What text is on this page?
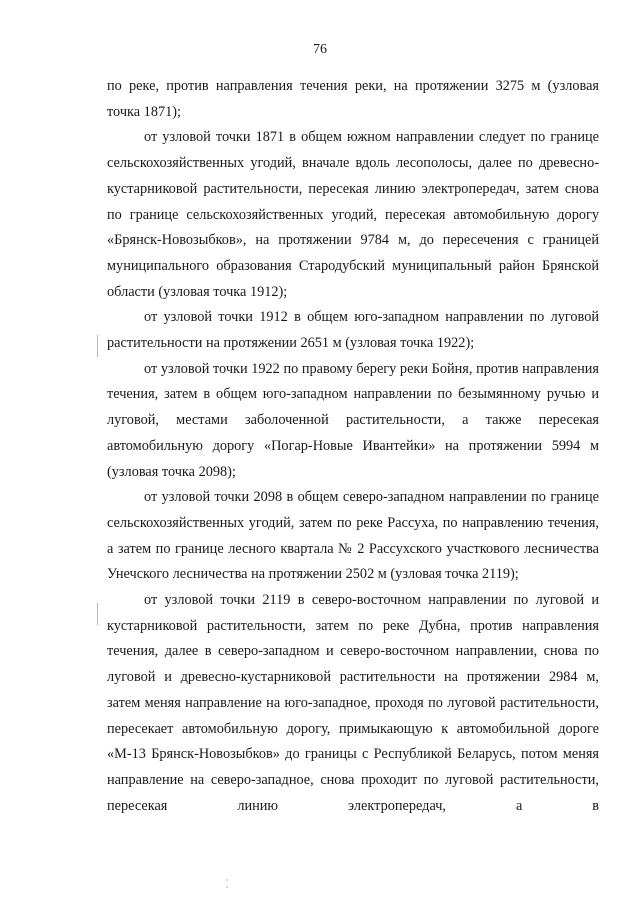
76

по реке, против направления течения реки, на протяжении 3275 м (узловая точка 1871);

от узловой точки 1871 в общем южном направлении следует по границе сельскохозяйственных угодий, вначале вдоль лесополосы, далее по древесно-кустарниковой растительности, пересекая линию электропередач, затем снова по границе сельскохозяйственных угодий, пересекая автомобильную дорогу «Брянск-Новозыбков», на протяжении 9784 м, до пересечения с границей муниципального образования Стародубский муниципальный район Брянской области (узловая точка 1912);

от узловой точки 1912 в общем юго-западном направлении по луговой растительности на протяжении 2651 м (узловая точка 1922);

от узловой точки 1922 по правому берегу реки Бойня, против направления течения, затем в общем юго-западном направлении по безымянному ручью и луговой, местами заболоченной растительности, а также пересекая автомобильную дорогу «Погар-Новые Ивантейки» на протяжении 5994 м (узловая точка 2098);

от узловой точки 2098 в общем северо-западном направлении по границе сельскохозяйственных угодий, затем по реке Рассуха, по направлению течения, а затем по границе лесного квартала № 2 Рассухского участкового лесничества Унечского лесничества на протяжении 2502 м (узловая точка 2119);

от узловой точки 2119 в северо-восточном направлении по луговой и кустарниковой растительности, затем по реке Дубна, против направления течения, далее в северо-западном и северо-восточном направлении, снова по луговой и древесно-кустарниковой растительности на протяжении 2984 м, затем меняя направление на юго-западное, проходя по луговой растительности, пересекает автомобильную дорогу, примыкающую к автомобильной дороге «М-13 Брянск-Новозыбков» до границы с Республикой Беларусь, потом меняя направление на северо-западное, снова проходит по луговой растительности, пересекая линию электропередач, а в
